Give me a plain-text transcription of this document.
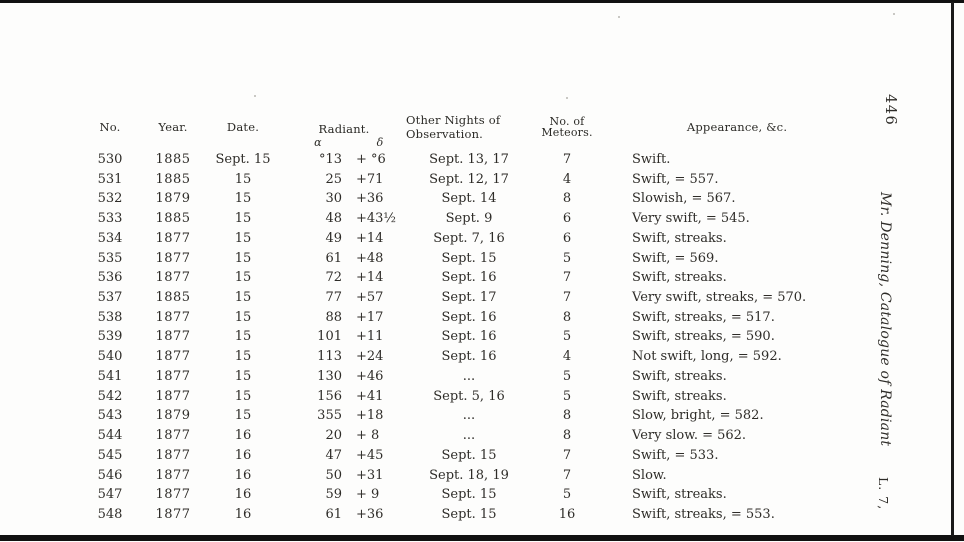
446
Mr. Denning, Catalogue of Radiant
L. 7,
No.	Year.	Date.	Radiant.
α	δ
Other Nights of Observation.
No. of Meteors.	Appearance, &c.
530	1885	Sept. 15	°13	+ °6	Sept. 13, 17	7	Swift.
531	1885	15	25	+71	Sept. 12, 17	4	Swift, = 557.
532	1879	15	30	+36	Sept. 14	8	Slowish, = 567.
533	1885	15	48	+43½	Sept. 9	6	Very swift, = 545.
534	1877	15	49	+14	Sept. 7, 16	6	Swift, streaks.
535	1877	15	61	+48	Sept. 15	5	Swift, = 569.
536	1877	15	72	+14	Sept. 16	7	Swift, streaks.
537	1885	15	77	+57	Sept. 17	7	Very swift, streaks, = 570.
538	1877	15	88	+17	Sept. 16	8	Swift, streaks, = 517.
539	1877	15	101	+11	Sept. 16	5	Swift, streaks, = 590.
540	1877	15	113	+24	Sept. 16	4	Not swift, long, = 592.
541	1877	15	130	+46	...	5	Swift, streaks.
542	1877	15	156	+41	Sept. 5, 16	5	Swift, streaks.
543	1879	15	355	+18	...	8	Slow, bright, = 582.
544	1877	16	20	+ 8	...	8	Very slow. = 562.
545	1877	16	47	+45	Sept. 15	7	Swift, = 533.
546	1877	16	50	+31	Sept. 18, 19	7	Slow.
547	1877	16	59	+ 9	Sept. 15	5	Swift, streaks.
548	1877	16	61	+36	Sept. 15	16	Swift, streaks, = 553.
